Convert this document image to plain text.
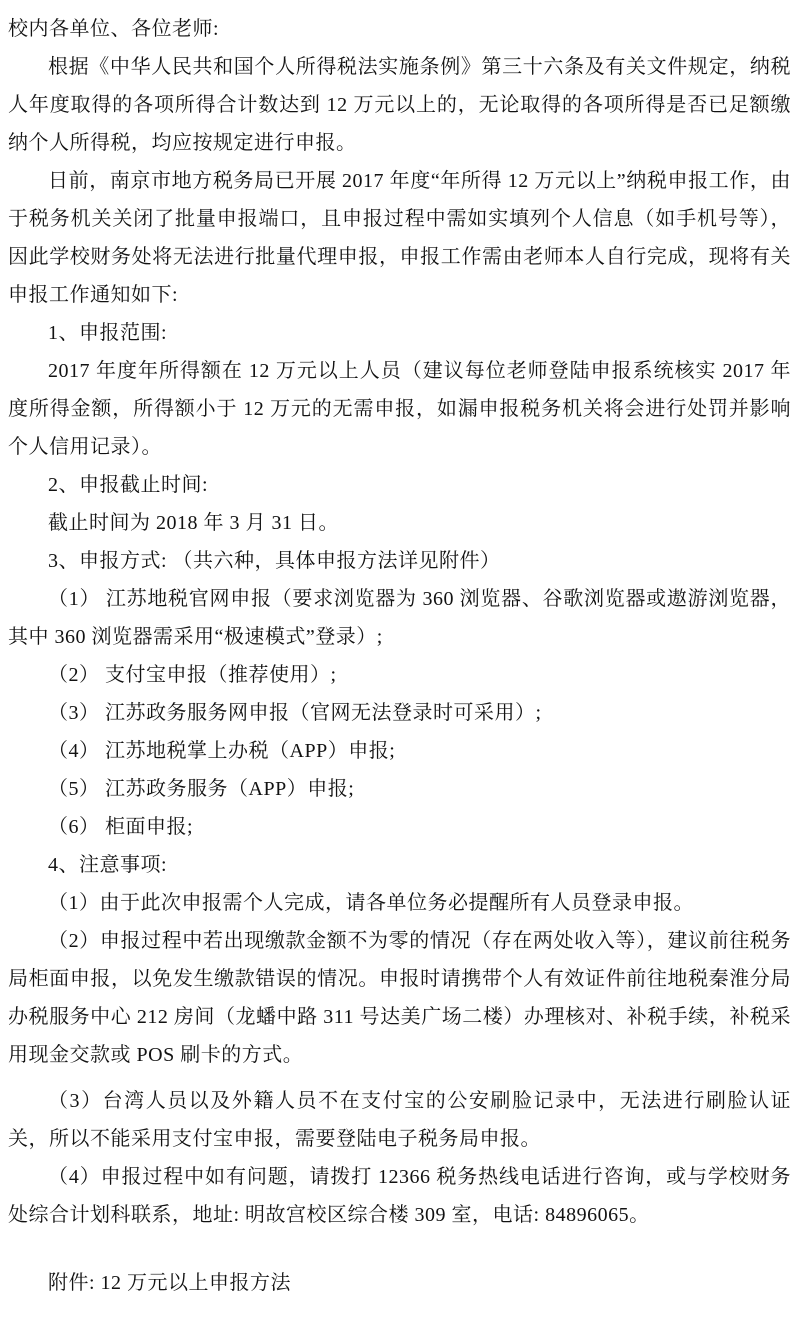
校内各单位、各位老师:

根据《中华人民共和国个人所得税法实施条例》第三十六条及有关文件规定，纳税人年度取得的各项所得合计数达到 12 万元以上的，无论取得的各项所得是否已足额缴纳个人所得税，均应按规定进行申报。

日前，南京市地方税务局已开展 2017 年度“年所得 12 万元以上”纳税申报工作，由于税务机关关闭了批量申报端口，且申报过程中需如实填列个人信息（如手机号等），因此学校财务处将无法进行批量代理申报，申报工作需由老师本人自行完成，现将有关申报工作通知如下:

1、申报范围:

2017 年度年所得额在 12 万元以上人员（建议每位老师登陆申报系统核实 2017 年度所得金额，所得额小于 12 万元的无需申报，如漏申报税务机关将会进行处罚并影响个人信用记录）。

2、申报截止时间:

截止时间为 2018 年 3 月 31 日。

3、申报方式: （共六种，具体申报方法详见附件）

（1） 江苏地税官网申报（要求浏览器为 360 浏览器、谷歌浏览器或遨游浏览器，其中 360 浏览器需采用“极速模式”登录）;

（2） 支付宝申报（推荐使用）;

（3） 江苏政务服务网申报（官网无法登录时可采用）;

（4） 江苏地税掌上办税（APP）申报;

（5） 江苏政务服务（APP）申报;

（6） 柜面申报;

4、注意事项:

（1）由于此次申报需个人完成，请各单位务必提醒所有人员登录申报。

（2）申报过程中若出现缴款金额不为零的情况（存在两处收入等），建议前往税务局柜面申报，以免发生缴款错误的情况。申报时请携带个人有效证件前往地税秦淮分局办税服务中心 212 房间（龙蟠中路 311 号达美广场二楼）办理核对、补税手续，补税采用现金交款或 POS 刷卡的方式。

（3）台湾人员以及外籍人员不在支付宝的公安刷脸记录中，无法进行刷脸认证关，所以不能采用支付宝申报，需要登陆电子税务局申报。

（4）申报过程中如有问题，请拨打 12366 税务热线电话进行咨询，或与学校财务处综合计划科联系，地址: 明故宫校区综合楼 309 室，电话: 84896065。

附件: 12 万元以上申报方法
